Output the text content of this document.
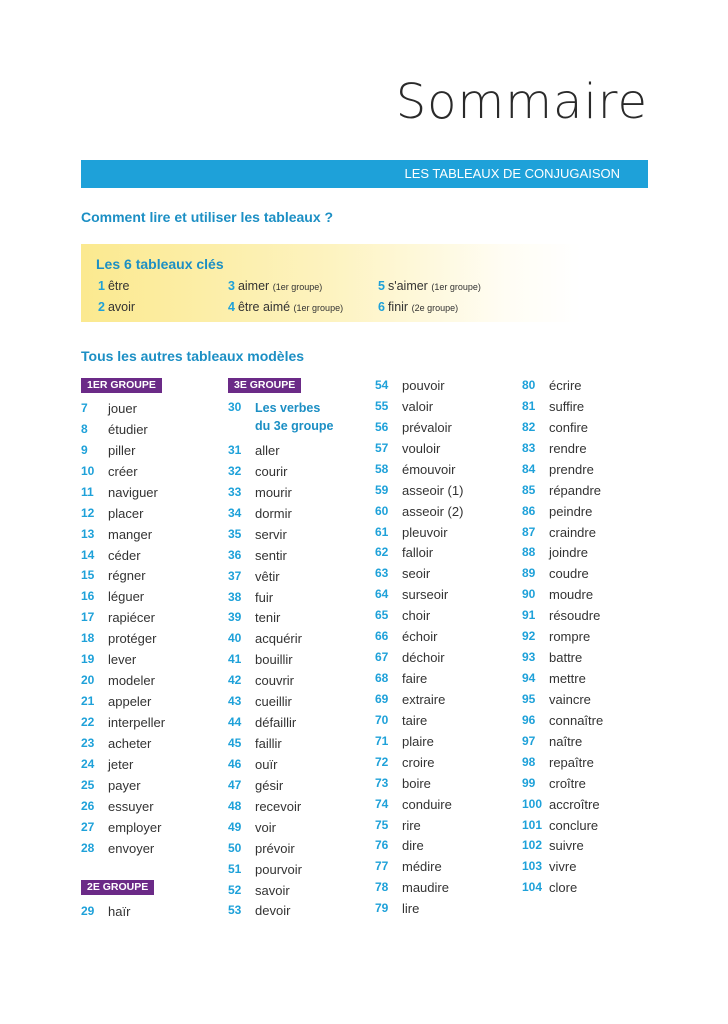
Sommaire
LES TABLEAUX DE CONJUGAISON
Comment lire et utiliser les tableaux ?
Les 6 tableaux clés
1 être
2 avoir
3 aimer (1er groupe)
4 être aimé (1er groupe)
5 s'aimer (1er groupe)
6 finir (2e groupe)
Tous les autres tableaux modèles
1ER GROUPE	3E GROUPE
2E GROUPE
30 Les verbes
du 3e groupe
7 jouer
8 étudier
9 piller
10 créer
11 naviguer
12 placer
13 manger
14 céder
15 régner
16 léguer
17 rapiécer
18 protéger
19 lever
20 modeler
21 appeler
22 interpeller
23 acheter
24 jeter
25 payer
26 essuyer
27 employer
28 envoyer
29 haïr
31 aller
32 courir
33 mourir
34 dormir
35 servir
36 sentir
37 vêtir
38 fuir
39 tenir
40 acquérir
41 bouillir
42 couvrir
43 cueillir
44 défaillir
45 faillir
46 ouïr
47 gésir
48 recevoir
49 voir
50 prévoir
51 pourvoir
52 savoir
53 devoir
54 pouvoir
55 valoir
56 prévaloir
57 vouloir
58 émouvoir
59 asseoir (1)
60 asseoir (2)
61 pleuvoir
62 falloir
63 seoir
64 surseoir
65 choir
66 échoir
67 déchoir
68 faire
69 extraire
70 taire
71 plaire
72 croire
73 boire
74 conduire
75 rire
76 dire
77 médire
78 maudire
79 lire
80 écrire
81 suffire
82 confire
83 rendre
84 prendre
85 répandre
86 peindre
87 craindre
88 joindre
89 coudre
90 moudre
91 résoudre
92 rompre
93 battre
94 mettre
95 vaincre
96 connaître
97 naître
98 repaître
99 croître
100 accroître
101 conclure
102 suivre
103 vivre
104 clore
